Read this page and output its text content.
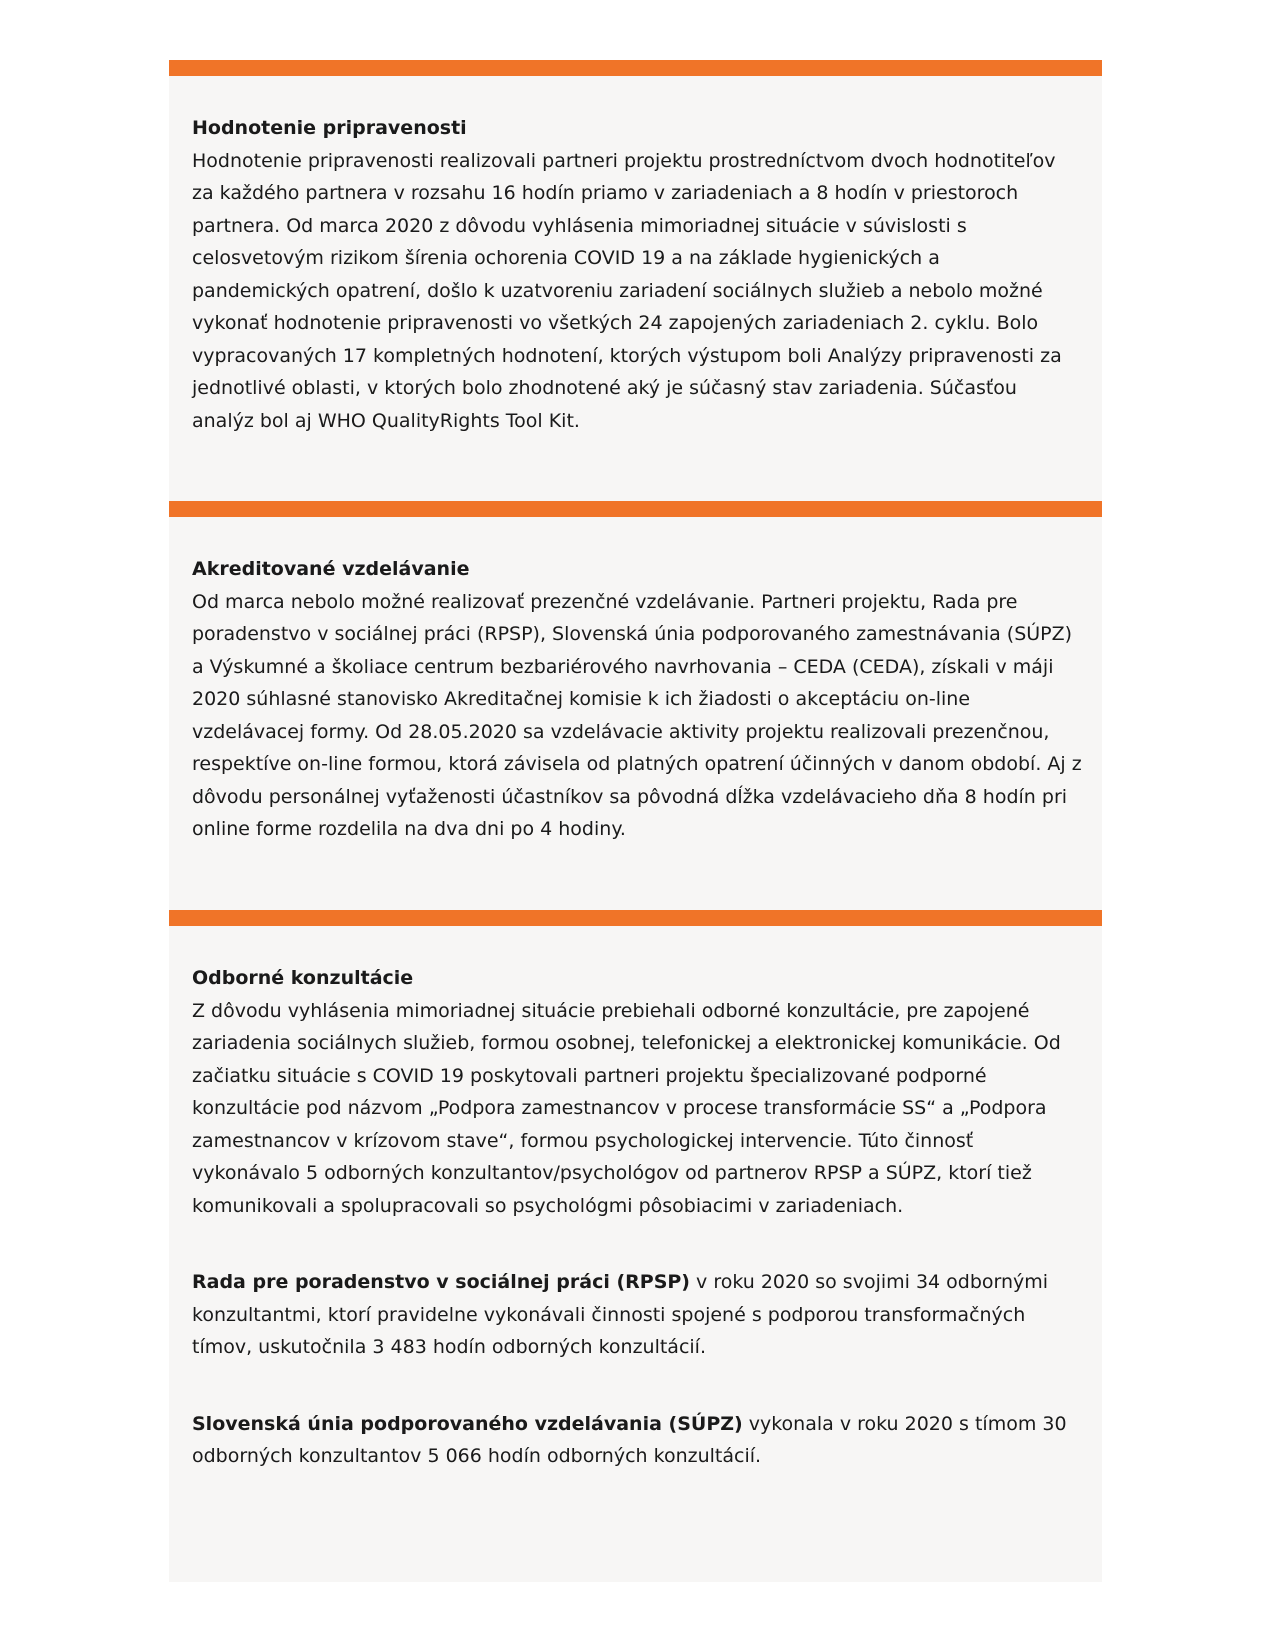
Hodnotenie pripravenosti

Hodnotenie pripravenosti realizovali partneri projektu prostredníctvom dvoch hodnotiteľov za každého partnera v rozsahu 16 hodín priamo v zariadeniach a 8 hodín v priestoroch partnera. Od marca 2020 z dôvodu vyhlásenia mimoriadnej situácie v súvislosti s celosvetovým rizikom šírenia ochorenia COVID 19 a na základe hygienických a pandemických opatrení, došlo k uzatvoreniu zariadení sociálnych služieb a nebolo možné vykonať hodnotenie pripravenosti vo všetkých 24 zapojených zariadeniach 2. cyklu. Bolo vypracovaných 17 kompletných hodnotení, ktorých výstupom boli Analýzy pripravenosti za jednotlivé oblasti, v ktorých bolo zhodnotené aký je súčasný stav zariadenia. Súčasťou analýz bol aj WHO QualityRights Tool Kit.

Akreditované vzdelávanie

Od marca nebolo možné realizovať prezenčné vzdelávanie. Partneri projektu, Rada pre poradenstvo v sociálnej práci (RPSP), Slovenská únia podporovaného zamestnávania (SÚPZ) a Výskumné a školiace centrum bezbariérového navrhovania – CEDA (CEDA), získali v máji 2020 súhlasné stanovisko Akreditačnej komisie k ich žiadosti o akceptáciu on-line vzdelávacej formy. Od 28.05.2020 sa vzdelávacie aktivity projektu realizovali prezenčnou, respektíve on-line formou, ktorá závisela od platných opatrení účinných v danom období. Aj z dôvodu personálnej vyťaženosti účastníkov sa pôvodná dĺžka vzdelávacieho dňa 8 hodín pri online forme rozdelila na dva dni po 4 hodiny.

Odborné konzultácie

Z dôvodu vyhlásenia mimoriadnej situácie prebiehali odborné konzultácie, pre zapojené zariadenia sociálnych služieb, formou osobnej, telefonickej a elektronickej komunikácie. Od začiatku situácie s COVID 19 poskytovali partneri projektu špecializované podporné konzultácie pod názvom „Podpora zamestnancov v procese transformácie SS“ a „Podpora zamestnancov v krízovom stave“, formou psychologickej intervencie. Túto činnosť vykonávalo 5 odborných konzultantov/psychológov od partnerov RPSP a SÚPZ, ktorí tiež komunikovali a spolupracovali so psychológmi pôsobiacimi v zariadeniach.

Rada pre poradenstvo v sociálnej práci (RPSP) v roku 2020 so svojimi 34 odbornými konzultantmi, ktorí pravidelne vykonávali činnosti spojené s podporou transformačných tímov, uskutočnila 3 483 hodín odborných konzultácií.

Slovenská únia podporovaného vzdelávania (SÚPZ) vykonala v roku 2020 s tímom 30 odborných konzultantov 5 066 hodín odborných konzultácií.
